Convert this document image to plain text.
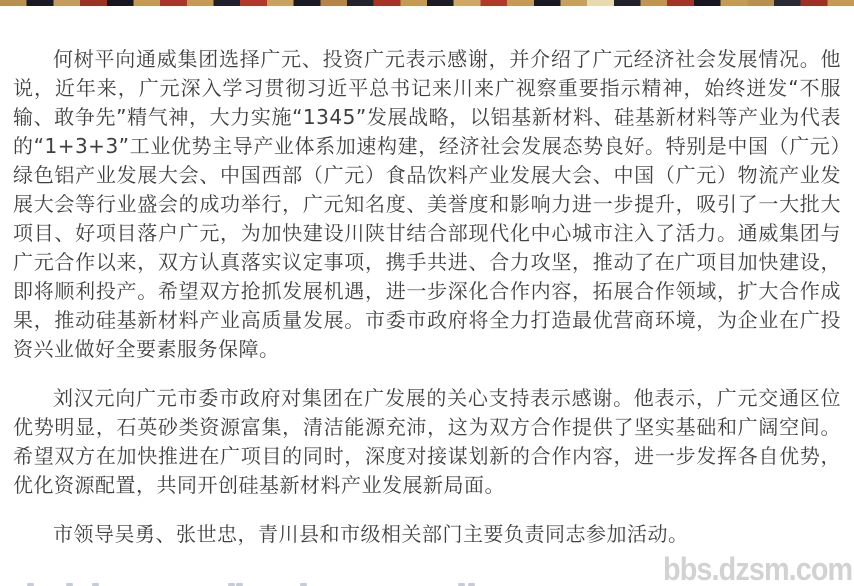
何树平向通威集团选择广元、投资广元表示感谢，并介绍了广元经济社会发展情况。他说，近年来，广元深入学习贯彻习近平总书记来川来广视察重要指示精神，始终迸发“不服输、敢争先”精气神，大力实施“1345”发展战略，以铝基新材料、硅基新材料等产业为代表的“1+3+3”工业优势主导产业体系加速构建，经济社会发展态势良好。特别是中国（广元）绿色铝产业发展大会、中国西部（广元）食品饮料产业发展大会、中国（广元）物流产业发展大会等行业盛会的成功举行，广元知名度、美誉度和影响力进一步提升，吸引了一大批大项目、好项目落户广元，为加快建设川陕甘结合部现代化中心城市注入了活力。通威集团与广元合作以来，双方认真落实议定事项，携手共进、合力攻坚，推动了在广项目加快建设，即将顺利投产。希望双方抢抓发展机遇，进一步深化合作内容，拓展合作领域，扩大合作成果，推动硅基新材料产业高质量发展。市委市政府将全力打造最优营商环境，为企业在广投资兴业做好全要素服务保障。

刘汉元向广元市委市政府对集团在广发展的关心支持表示感谢。他表示，广元交通区位优势明显，石英砂类资源富集，清洁能源充沛，这为双方合作提供了坚实基础和广阔空间。希望双方在加快推进在广项目的同时，深度对接谋划新的合作内容，进一步发挥各自优势，优化资源配置，共同开创硅基新材料产业发展新局面。

市领导吴勇、张世忠，青川县和市级相关部门主要负责同志参加活动。

bbs.dzsm.com
